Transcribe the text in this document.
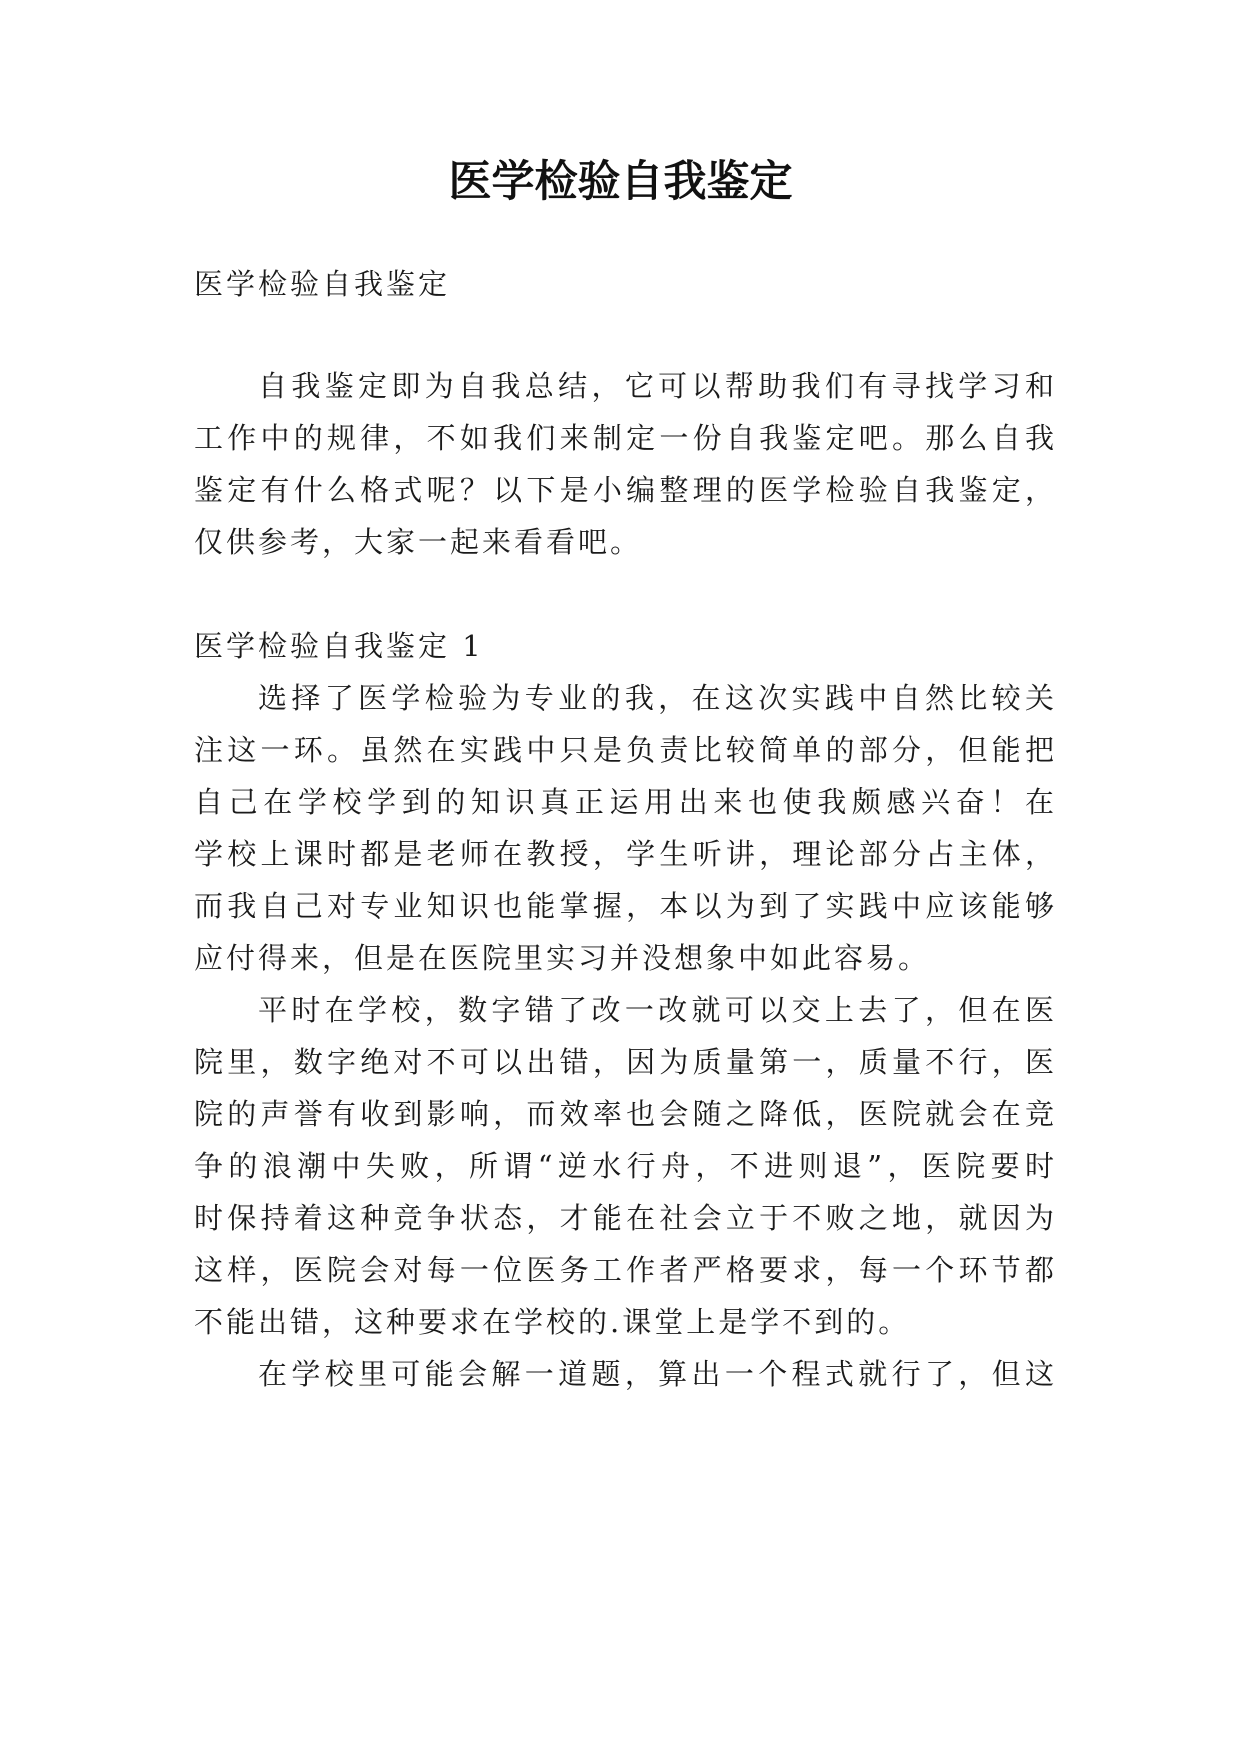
医学检验自我鉴定
医学检验自我鉴定
自我鉴定即为自我总结，它可以帮助我们有寻找学习和
工作中的规律，不如我们来制定一份自我鉴定吧。那么自我
鉴定有什么格式呢？以下是小编整理的医学检验自我鉴定，
仅供参考，大家一起来看看吧。
医学检验自我鉴定 1
选择了医学检验为专业的我，在这次实践中自然比较关
注这一环。虽然在实践中只是负责比较简单的部分，但能把
自己在学校学到的知识真正运用出来也使我颇感兴奋！在
学校上课时都是老师在教授，学生听讲，理论部分占主体，
而我自己对专业知识也能掌握，本以为到了实践中应该能够
应付得来，但是在医院里实习并没想象中如此容易。
平时在学校，数字错了改一改就可以交上去了，但在医
院里，数字绝对不可以出错，因为质量第一，质量不行，医
院的声誉有收到影响，而效率也会随之降低，医院就会在竞
争的浪潮中失败，所谓“逆水行舟，不进则退”，医院要时
时保持着这种竞争状态，才能在社会立于不败之地，就因为
这样，医院会对每一位医务工作者严格要求，每一个环节都
不能出错，这种要求在学校的.课堂上是学不到的。
在学校里可能会解一道题，算出一个程式就行了，但这
